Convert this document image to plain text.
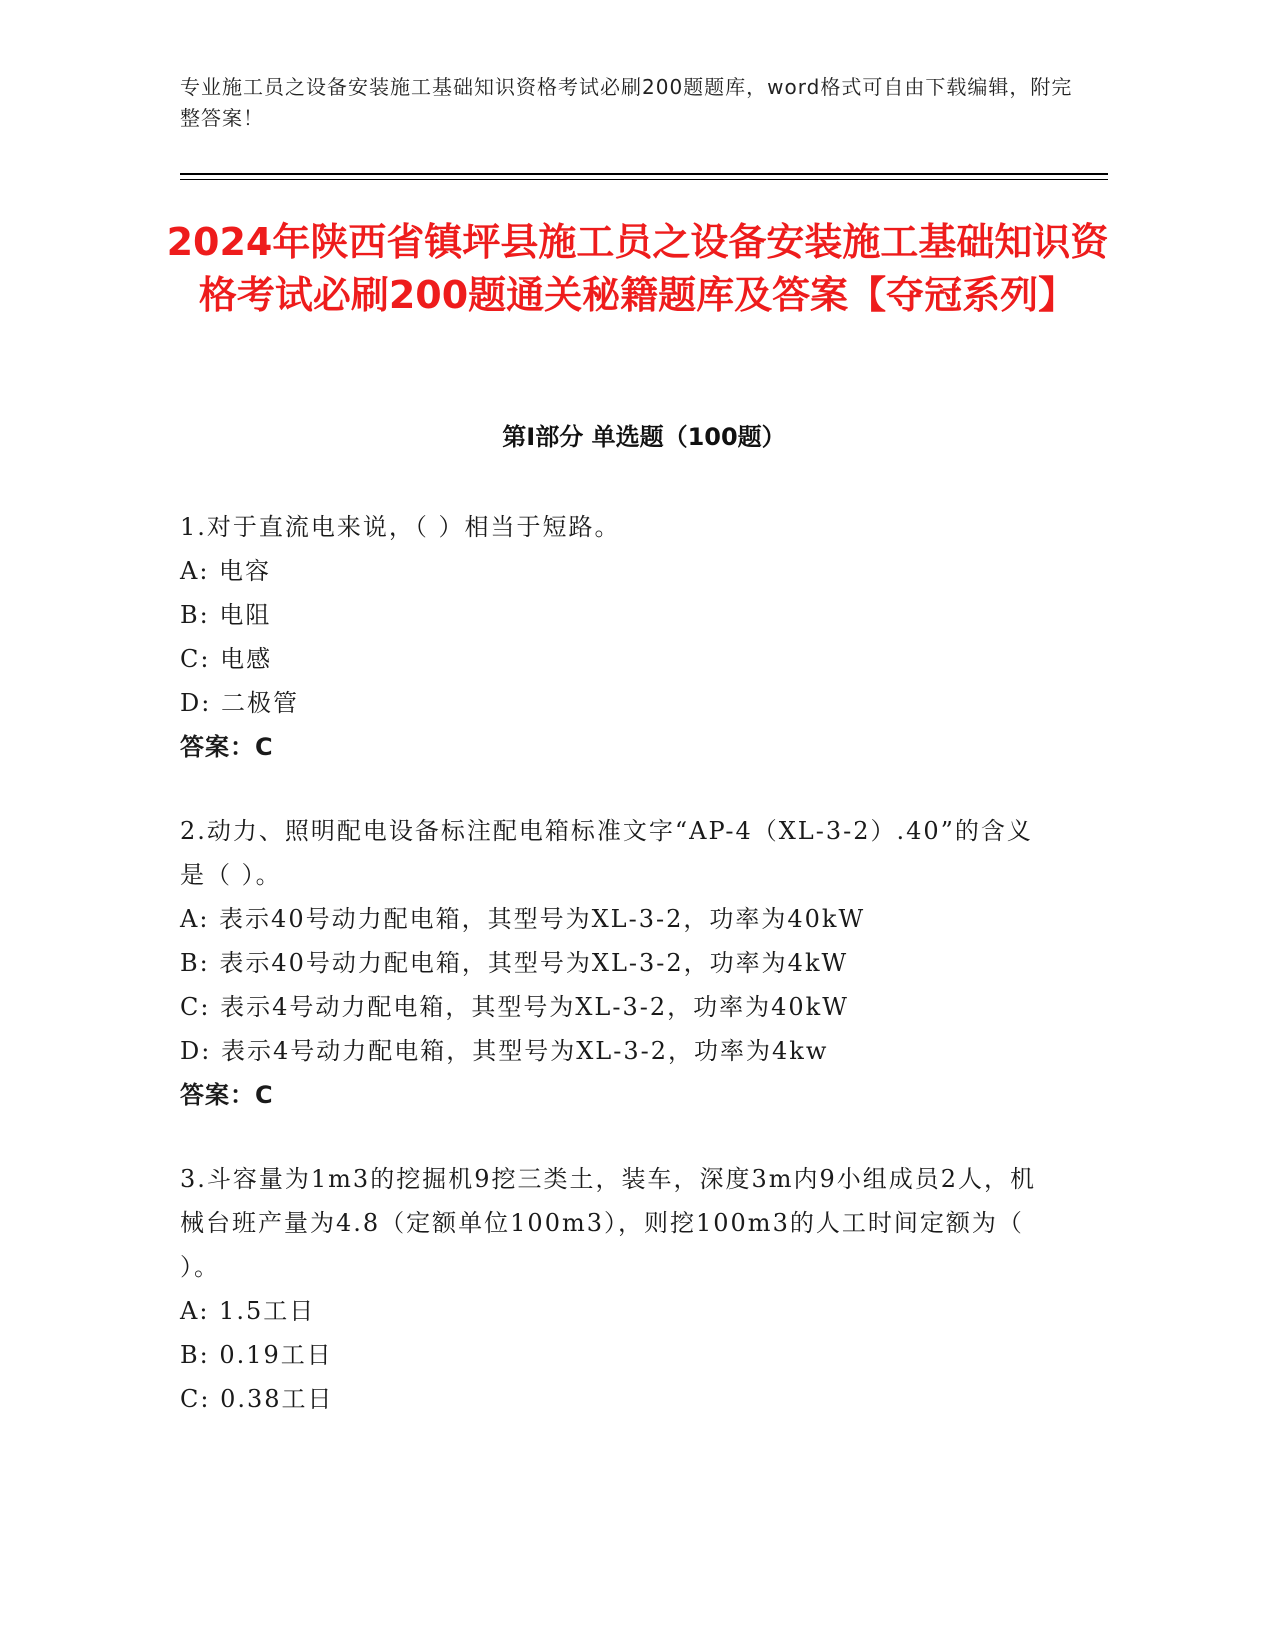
专业施工员之设备安装施工基础知识资格考试必刷200题题库，word格式可自由下载编辑，附完整答案！
2024年陕西省镇坪县施工员之设备安装施工基础知识资格考试必刷200题通关秘籍题库及答案【夺冠系列】
第Ⅰ部分 单选题（100题）
1.对于直流电来说，（ ）相当于短路。
A: 电容
B: 电阻
C: 电感
D: 二极管
答案：C
2.动力、照明配电设备标注配电箱标准文字“AP-4（XL-3-2）.40”的含义是（ ）。
A: 表示40号动力配电箱，其型号为XL-3-2，功率为40kW
B: 表示40号动力配电箱，其型号为XL-3-2，功率为4kW
C: 表示4号动力配电箱，其型号为XL-3-2，功率为40kW
D: 表示4号动力配电箱，其型号为XL-3-2，功率为4kw
答案：C
3.斗容量为1m3的挖掘机9挖三类土，装车，深度3m内9小组成员2人，机械台班产量为4.8（定额单位100m3），则挖100m3的人工时间定额为（ ）。
A: 1.5工日
B: 0.19工日
C: 0.38工日
